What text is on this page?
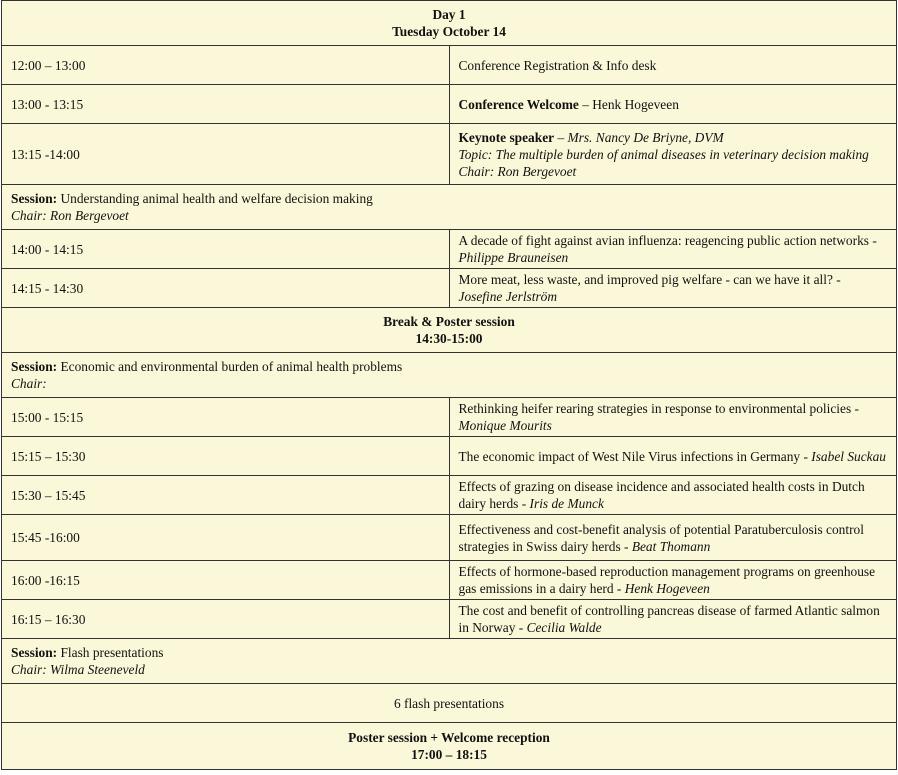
Day 1
Tuesday October 14	

12:00 – 13:00	Conference Registration & Info desk
13:00 - 13:15	Conference Welcome – Henk Hogeveen
13:15 -14:00	Keynote speaker – Mrs. Nancy De Briyne, DVM
Topic: The multiple burden of animal diseases in veterinary decision making
Chair: Ron Bergevoet

Session: Understanding animal health and welfare decision making
Chair: Ron Bergevoet	

14:00 - 14:15	A decade of fight against avian influenza: reagencing public action networks - Philippe Brauneisen
14:15 - 14:30	More meat, less waste, and improved pig welfare - can we have it all? - Josefine Jerlström

Break & Poster session
14:30-15:00	

Session: Economic and environmental burden of animal health problems
Chair:	

15:00 - 15:15	Rethinking heifer rearing strategies in response to environmental policies - Monique Mourits
15:15 – 15:30	The economic impact of West Nile Virus infections in Germany - Isabel Suckau
15:30 – 15:45	Effects of grazing on disease incidence and associated health costs in Dutch dairy herds - Iris de Munck
15:45 -16:00	Effectiveness and cost-benefit analysis of potential Paratuberculosis control strategies in Swiss dairy herds - Beat Thomann
16:00 -16:15	Effects of hormone-based reproduction management programs on greenhouse gas emissions in a dairy herd - Henk Hogeveen
16:15 – 16:30	The cost and benefit of controlling pancreas disease of farmed Atlantic salmon in Norway - Cecilia Walde

Session: Flash presentations
Chair: Wilma Steeneveld	

6 flash presentations	

Poster session + Welcome reception
17:00 – 18:15	
